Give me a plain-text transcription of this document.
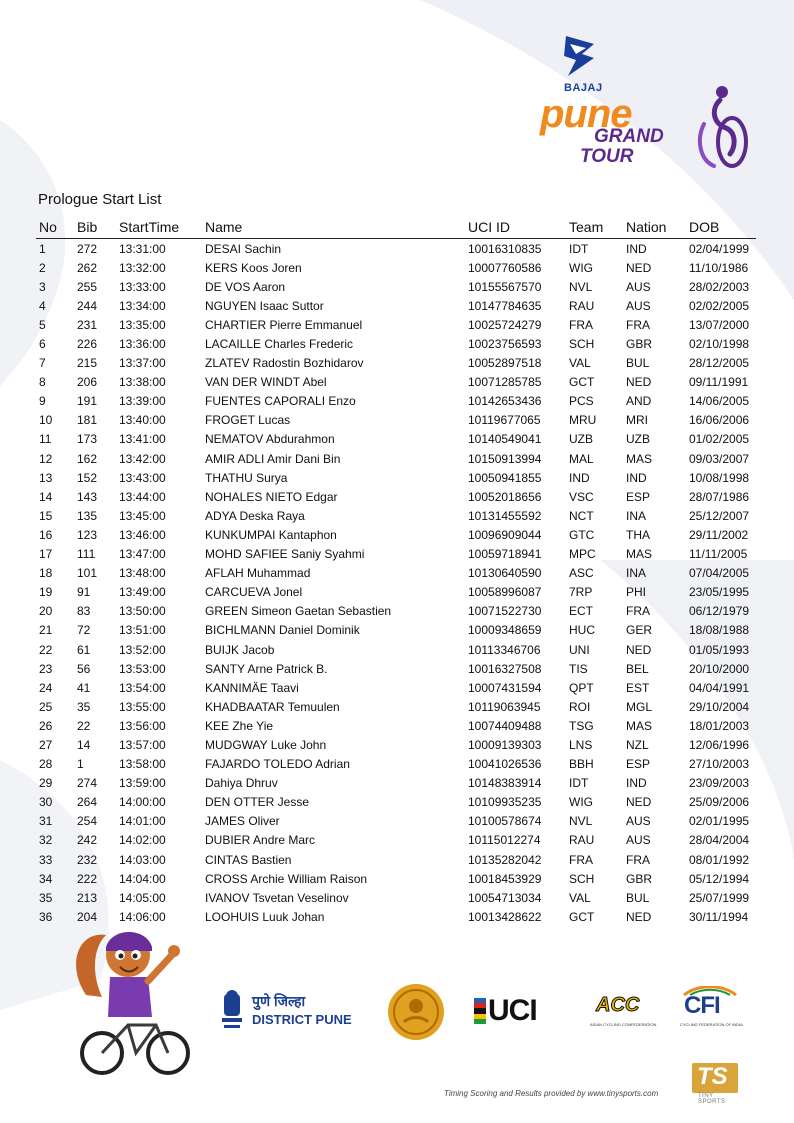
BAJAJ
pune
GRAND
TOUR
Prologue Start List
No	Bib	StartTime	Name	UCI ID	Team	Nation	DOB
1	272	13:31:00	DESAI Sachin	10016310835	IDT	IND	02/04/1999
2	262	13:32:00	KERS Koos Joren	10007760586	WIG	NED	11/10/1986
3	255	13:33:00	DE VOS Aaron	10155567570	NVL	AUS	28/02/2003
4	244	13:34:00	NGUYEN Isaac Suttor	10147784635	RAU	AUS	02/02/2005
5	231	13:35:00	CHARTIER Pierre Emmanuel	10025724279	FRA	FRA	13/07/2000
6	226	13:36:00	LACAILLE Charles Frederic	10023756593	SCH	GBR	02/10/1998
7	215	13:37:00	ZLATEV Radostin Bozhidarov	10052897518	VAL	BUL	28/12/2005
8	206	13:38:00	VAN DER WINDT Abel	10071285785	GCT	NED	09/11/1991
9	191	13:39:00	FUENTES CAPORALI Enzo	10142653436	PCS	AND	14/06/2005
10	181	13:40:00	FROGET Lucas	10119677065	MRU	MRI	16/06/2006
11	173	13:41:00	NEMATOV Abdurahmon	10140549041	UZB	UZB	01/02/2005
12	162	13:42:00	AMIR ADLI Amir Dani Bin	10150913994	MAL	MAS	09/03/2007
13	152	13:43:00	THATHU Surya	10050941855	IND	IND	10/08/1998
14	143	13:44:00	NOHALES NIETO Edgar	10052018656	VSC	ESP	28/07/1986
15	135	13:45:00	ADYA Deska Raya	10131455592	NCT	INA	25/12/2007
16	123	13:46:00	KUNKUMPAI Kantaphon	10096909044	GTC	THA	29/11/2002
17	111	13:47:00	MOHD SAFIEE Saniy Syahmi	10059718941	MPC	MAS	11/11/2005
18	101	13:48:00	AFLAH Muhammad	10130640590	ASC	INA	07/04/2005
19	91	13:49:00	CARCUEVA Jonel	10058996087	7RP	PHI	23/05/1995
20	83	13:50:00	GREEN Simeon Gaetan Sebastien	10071522730	ECT	FRA	06/12/1979
21	72	13:51:00	BICHLMANN Daniel Dominik	10009348659	HUC	GER	18/08/1988
22	61	13:52:00	BUIJK Jacob	10113346706	UNI	NED	01/05/1993
23	56	13:53:00	SANTY Arne Patrick B.	10016327508	TIS	BEL	20/10/2000
24	41	13:54:00	KANNIMÄE Taavi	10007431594	QPT	EST	04/04/1991
25	35	13:55:00	KHADBAATAR Temuulen	10119063945	ROI	MGL	29/10/2004
26	22	13:56:00	KEE Zhe Yie	10074409488	TSG	MAS	18/01/2003
27	14	13:57:00	MUDGWAY Luke John	10009139303	LNS	NZL	12/06/1996
28	1	13:58:00	FAJARDO TOLEDO Adrian	10041026536	BBH	ESP	27/10/2003
29	274	13:59:00	Dahiya Dhruv	10148383914	IDT	IND	23/09/2003
30	264	14:00:00	DEN OTTER Jesse	10109935235	WIG	NED	25/09/2006
31	254	14:01:00	JAMES Oliver	10100578674	NVL	AUS	02/01/1995
32	242	14:02:00	DUBIER Andre Marc	10115012274	RAU	AUS	28/04/2004
33	232	14:03:00	CINTAS Bastien	10135282042	FRA	FRA	08/01/1992
34	222	14:04:00	CROSS Archie William Raison	10018453929	SCH	GBR	05/12/1994
35	213	14:05:00	IVANOV Tsvetan Veselinov	10054713034	VAL	BUL	25/07/1999
36	204	14:06:00	LOOHUIS Luuk Johan	10013428622	GCT	NED	30/11/1994
पुणे जिल्हा
DISTRICT PUNE	UCI	ACC
ASIAN CYCLING CONFEDERATION
CFI
CYCLING FEDERATION OF INDIA
Timing Scoring and Results provided by www.tinysports.com
TS
TINY SPORTS
